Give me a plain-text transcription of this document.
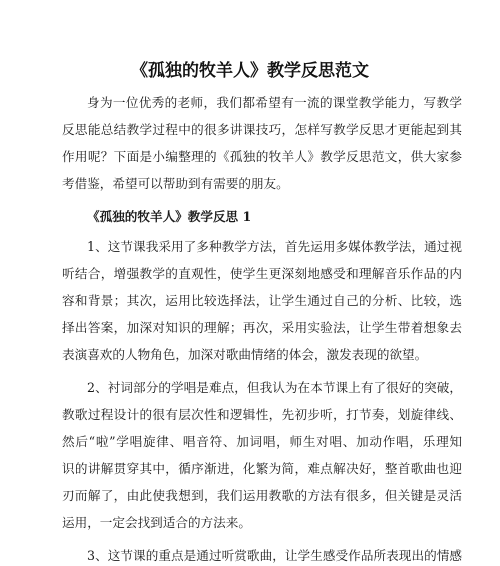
《孤独的牧羊人》教学反思范文
身为一位优秀的老师，我们都希望有一流的课堂教学能力，写教学
反思能总结教学过程中的很多讲课技巧，怎样写教学反思才更能起到其
作用呢？下面是小编整理的《孤独的牧羊人》教学反思范文，供大家参
考借鉴，希望可以帮助到有需要的朋友。
《孤独的牧羊人》教学反思 1
1、这节课我采用了多种教学方法，首先运用多媒体教学法，通过视
听结合，增强教学的直观性，使学生更深刻地感受和理解音乐作品的内
容和背景；其次，运用比较选择法，让学生通过自己的分析、比较，选
择出答案，加深对知识的理解；再次，采用实验法，让学生带着想象去
表演喜欢的人物角色，加深对歌曲情绪的体会，激发表现的欲望。
2、衬词部分的学唱是难点，但我认为在本节课上有了很好的突破，
教歌过程设计的很有层次性和逻辑性，先初步听，打节奏，划旋律线、
然后“啦”学唱旋律、唱音符、加词唱，师生对唱、加动作唱，乐理知
识的讲解贯穿其中，循序渐进，化繁为简，难点解决好，整首歌曲也迎
刃而解了，由此使我想到，我们运用教歌的方法有很多，但关键是灵活
运用，一定会找到适合的方法来。
3、这节课的重点是通过听赏歌曲，让学生感受作品所表现出的情感
